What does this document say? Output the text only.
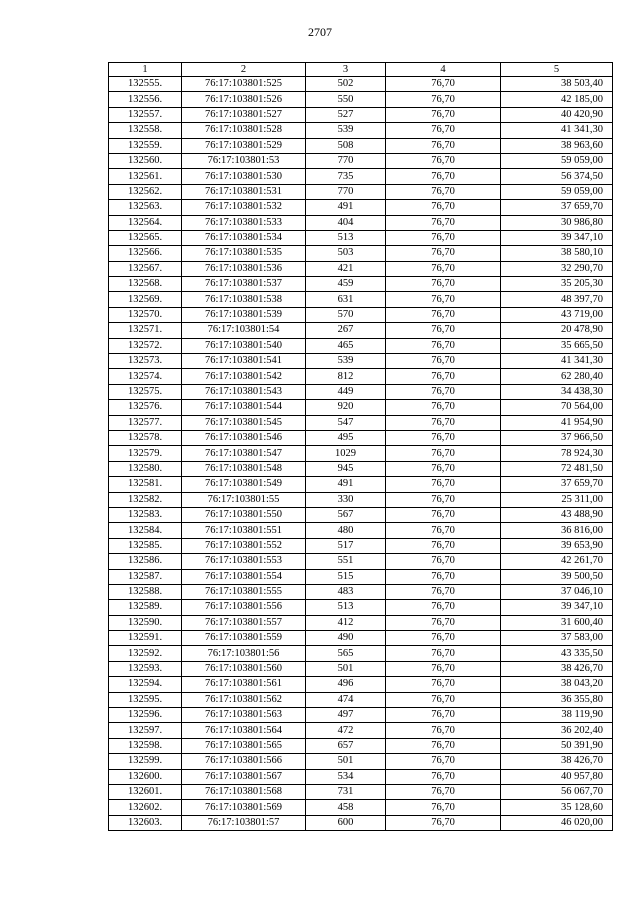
2707
1	2	3	4	5
132555.	76:17:103801:525	502	76,70	38 503,40
132556.	76:17:103801:526	550	76,70	42 185,00
132557.	76:17:103801:527	527	76,70	40 420,90
132558.	76:17:103801:528	539	76,70	41 341,30
132559.	76:17:103801:529	508	76,70	38 963,60
132560.	76:17:103801:53	770	76,70	59 059,00
132561.	76:17:103801:530	735	76,70	56 374,50
132562.	76:17:103801:531	770	76,70	59 059,00
132563.	76:17:103801:532	491	76,70	37 659,70
132564.	76:17:103801:533	404	76,70	30 986,80
132565.	76:17:103801:534	513	76,70	39 347,10
132566.	76:17:103801:535	503	76,70	38 580,10
132567.	76:17:103801:536	421	76,70	32 290,70
132568.	76:17:103801:537	459	76,70	35 205,30
132569.	76:17:103801:538	631	76,70	48 397,70
132570.	76:17:103801:539	570	76,70	43 719,00
132571.	76:17:103801:54	267	76,70	20 478,90
132572.	76:17:103801:540	465	76,70	35 665,50
132573.	76:17:103801:541	539	76,70	41 341,30
132574.	76:17:103801:542	812	76,70	62 280,40
132575.	76:17:103801:543	449	76,70	34 438,30
132576.	76:17:103801:544	920	76,70	70 564,00
132577.	76:17:103801:545	547	76,70	41 954,90
132578.	76:17:103801:546	495	76,70	37 966,50
132579.	76:17:103801:547	1029	76,70	78 924,30
132580.	76:17:103801:548	945	76,70	72 481,50
132581.	76:17:103801:549	491	76,70	37 659,70
132582.	76:17:103801:55	330	76,70	25 311,00
132583.	76:17:103801:550	567	76,70	43 488,90
132584.	76:17:103801:551	480	76,70	36 816,00
132585.	76:17:103801:552	517	76,70	39 653,90
132586.	76:17:103801:553	551	76,70	42 261,70
132587.	76:17:103801:554	515	76,70	39 500,50
132588.	76:17:103801:555	483	76,70	37 046,10
132589.	76:17:103801:556	513	76,70	39 347,10
132590.	76:17:103801:557	412	76,70	31 600,40
132591.	76:17:103801:559	490	76,70	37 583,00
132592.	76:17:103801:56	565	76,70	43 335,50
132593.	76:17:103801:560	501	76,70	38 426,70
132594.	76:17:103801:561	496	76,70	38 043,20
132595.	76:17:103801:562	474	76,70	36 355,80
132596.	76:17:103801:563	497	76,70	38 119,90
132597.	76:17:103801:564	472	76,70	36 202,40
132598.	76:17:103801:565	657	76,70	50 391,90
132599.	76:17:103801:566	501	76,70	38 426,70
132600.	76:17:103801:567	534	76,70	40 957,80
132601.	76:17:103801:568	731	76,70	56 067,70
132602.	76:17:103801:569	458	76,70	35 128,60
132603.	76:17:103801:57	600	76,70	46 020,00
